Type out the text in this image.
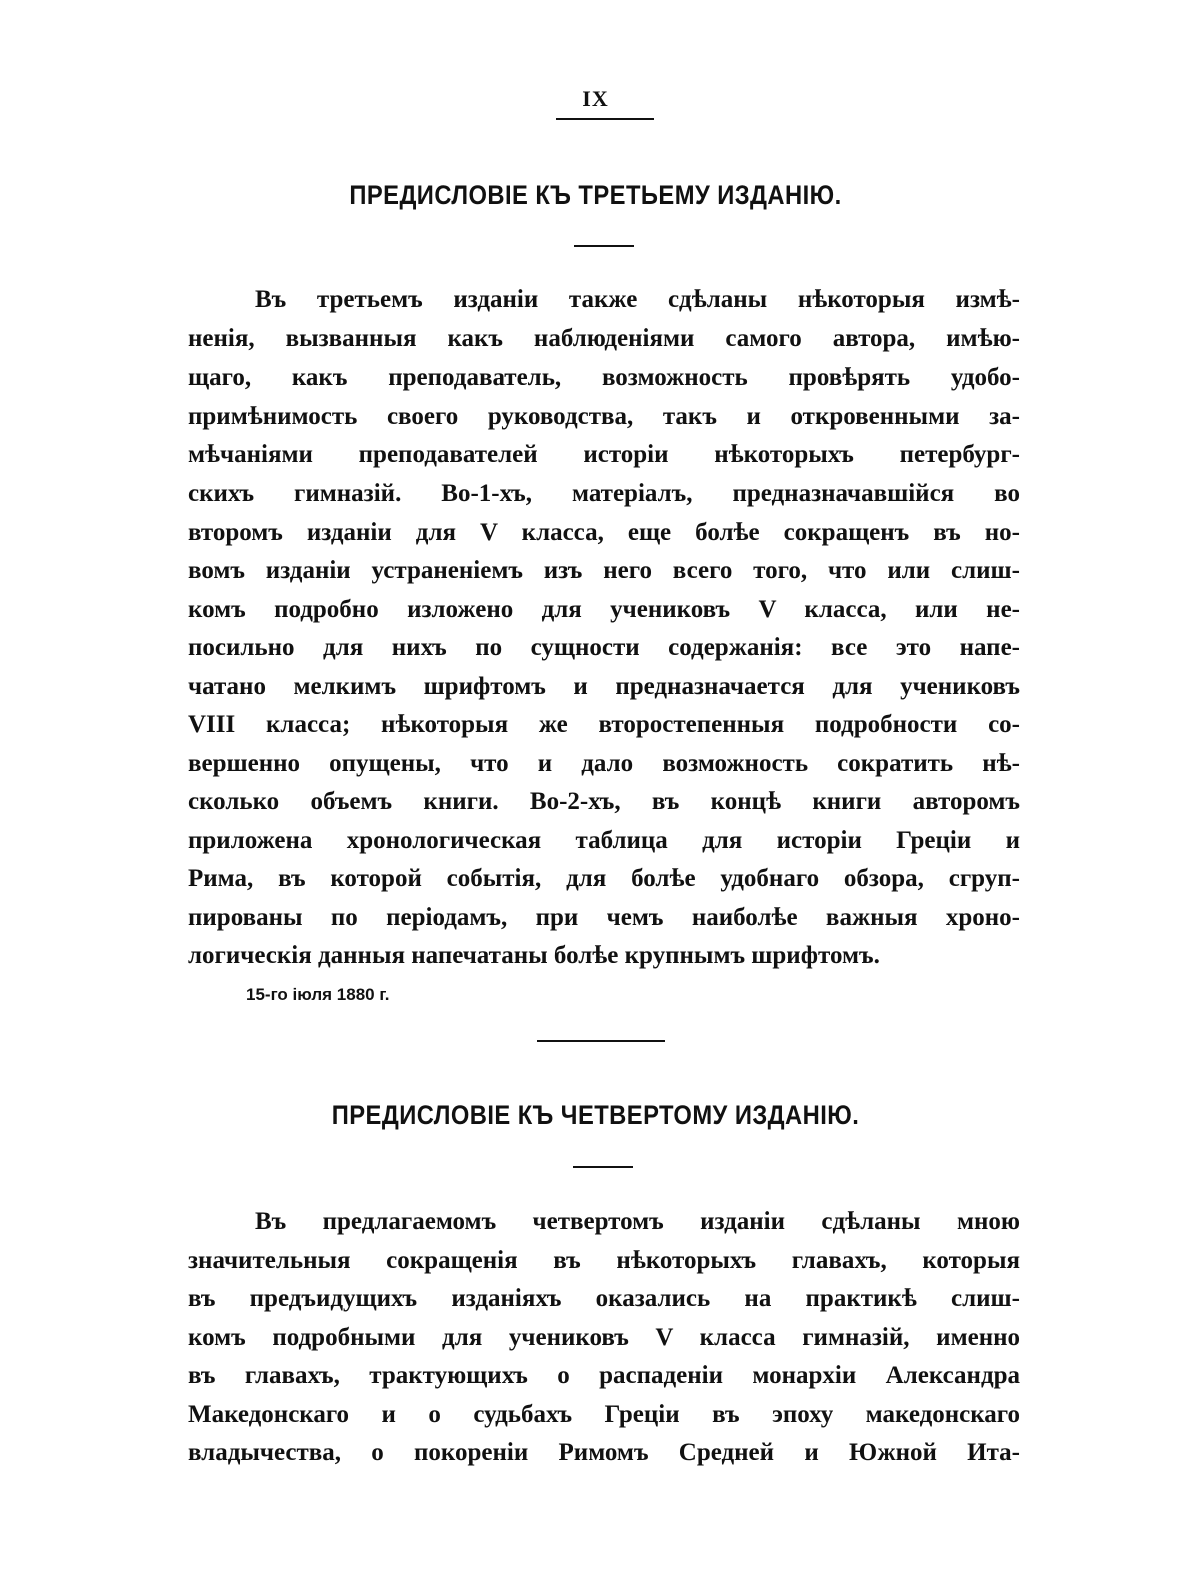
IX
ПРЕДИСЛОВІЕ КЪ ТРЕТЬЕМУ ИЗДАНІЮ.
Въ третьемъ изданіи также сдѣланы нѣкоторыя измѣ-
ненія, вызванныя какъ наблюденіями самого автора, имѣю-
щаго, какъ преподаватель, возможность провѣрять удобо-
примѣнимость своего руководства, такъ и откровенными за-
мѣчаніями преподавателей исторіи нѣкоторыхъ петербург-
скихъ гимназій. Во-1-хъ, матеріалъ, предназначавшійся во
второмъ изданіи для V класса, еще болѣе сокращенъ въ но-
вомъ изданіи устраненіемъ изъ него всего того, что или слиш-
комъ подробно изложено для учениковъ V класса, или не-
посильно для нихъ по сущности содержанія: все это напе-
чатано мелкимъ шрифтомъ и предназначается для учениковъ
VIII класса; нѣкоторыя же второстепенныя подробности со-
вершенно опущены, что и дало возможность сократить нѣ-
сколько объемъ книги. Во-2-хъ, въ концѣ книги авторомъ
приложена хронологическая таблица для исторіи Греціи и
Рима, въ которой событія, для болѣе удобнаго обзора, сгруп-
пированы по періодамъ, при чемъ наиболѣе важныя хроно-
логическія данныя напечатаны болѣе крупнымъ шрифтомъ.
15-го іюля 1880 г.
ПРЕДИСЛОВІЕ КЪ ЧЕТВЕРТОМУ ИЗДАНІЮ.
Въ предлагаемомъ четвертомъ изданіи сдѣланы мною
значительныя сокращенія въ нѣкоторыхъ главахъ, которыя
въ предъидущихъ изданіяхъ оказались на практикѣ слиш-
комъ подробными для учениковъ V класса гимназій, именно
въ главахъ, трактующихъ о распаденіи монархіи Александра
Македонскаго и о судьбахъ Греціи въ эпоху македонскаго
владычества, о покореніи Римомъ Средней и Южной Ита-
